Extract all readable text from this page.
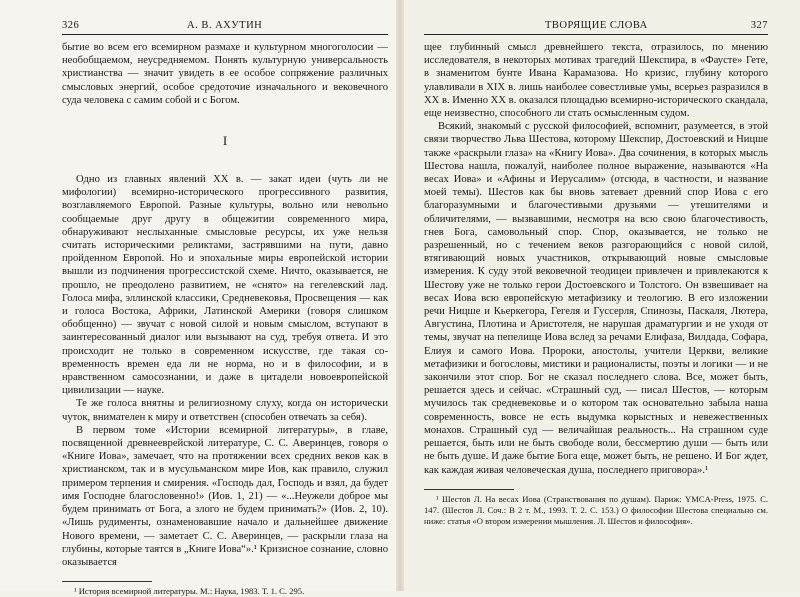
326	А. В. АХУТИН

бытие во всем его всемирном размахе и культурном многоголосии — необобщаемом, неусредняемом. Понять культурную универсальность христианства — значит увидеть в ее особое сопряжение различных смысловых энергий, особое средоточие изначального и вековечного суда человека с самим собой и с Богом.

I

Одно из главных явлений XX в. — закат идеи (чуть ли не мифологии) всемирно-исторического прогрессивного развития, возглавляемого Европой. Разные культуры, вольно или невольно сообщаемые друг другу в общежитии современного мира, обнаруживают неслыханные смысловые ресурсы, их уже нельзя считать историческими реликтами, застрявшими на пути, давно пройденном Европой. Но и эпохальные миры европейской истории вышли из подчинения прогрессистской схеме. Ничто, оказывается, не прошло, не преодолено развитием, не «снято» на гегелевский лад. Голоса мифа, эллинской классики, Средневековья, Просвещения — как и голоса Востока, Африки, Латинской Америки (говоря слишком обобщенно) — звучат с новой силой и новым смыслом, вступают в заинтересованный диалог или вызывают на суд, требуя ответа. И это происходит не только в современном искусстве, где такая со-временность времен еда ли не норма, но и в философии, и в нравственном самосознании, и даже в цитадели новоевропейской цивилизации — науке.

Те же голоса внятны и религиозному слуху, когда он исторически чуток, внимателен к миру и ответствен (способен отвечать за себя).

В первом томе «Истории всемирной литературы», в главе, посвященной древнееврейской литературе, С. С. Аверинцев, говоря о «Книге Иова», замечает, что на протяжении всех средних веков как в христианском, так и в мусульманском мире Иов, как правило, служил примером терпения и смирения. «Господь дал, Господь и взял, да будет имя Господне благословенно!» (Иов. 1, 21) — «...Неужели доброе мы будем принимать от Бога, а злого не будем принимать?» (Иов. 2, 10). «Лишь рудименты, ознаменовавшие начало и дальнейшее движение Нового времени, — заметает С. С. Аверинцев, — раскрыли глаза на глубины, которые таятся в „Книге Иова“».¹ Кризисное сознание, словно оказывается

¹ История всемирной литературы. М.: Наука, 1983. Т. 1. С. 295.

ТВОРЯЩИЕ СЛОВА	327

щее глубинный смысл древнейшего текста, отразилось, по мнению исследователя, в некоторых мотивах трагедий Шекспира, в «Фаусте» Гете, в знаменитом бунте Ивана Карамазова. Но кризис, глубину которого улавливали в XIX в. лишь наиболее совестливые умы, всерьез разразился в XX в. Именно XX в. оказался площадью всемирно-исторического скандала, еще неизвестно, способного ли стать осмысленным судом.

Всякий, знакомый с русской философией, вспомнит, разумеется, в этой связи творчество Льва Шестова, которому Шекспир, Достоевский и Ницше также «раскрыли глаза» на «Книгу Иова». Два сочинения, в которых мысль Шестова нашла, пожалуй, наиболее полное выражение, называются «На весах Иова» и «Афины и Иерусалим» (отсюда, в частности, и название моей темы). Шестов как бы вновь затевает древний спор Иова с его благоразумными и благочестивыми друзьями — утешителями и обличителями, — вызвавшими, несмотря на всю свою благочестивость, гнев Бога, самовольный спор. Спор, оказывается, не только не разрешенный, но с течением веков разгорающийся с новой силой, втягивающий новых участников, открывающий новые смысловые измерения. К суду этой вековечной теодицеи привлечен и привлекаются к Шестову уже не только герои Достоевского и Толстого. Он взвешивает на весах Иова всю европейскую метафизику и теологию. В его изложении речи Ницше и Кьеркегора, Гегеля и Гуссерля, Спинозы, Паскаля, Лютера, Августина, Плотина и Аристотеля, не нарушая драматургии и не уходя от темы, звучат на пепелище Иова вслед за речами Елифаза, Вилдада, Софара, Елиуя и самого Иова. Пророки, апостолы, учители Церкви, великие метафизики и богословы, мистики и рационалисты, поэты и логики — и не закончили этот спор. Бог не сказал последнего слова. Все, может быть, решается здесь и сейчас. «Страшный суд, — писал Шестов, — которым мучилось так средневековье и о котором так основательно забыла наша современность, вовсе не есть выдумка корыстных и невежественных монахов. Страшный суд — величайшая реальность... На страшном суде решается, быть или не быть свободе воли, бессмертию души — быть или не быть душе. И даже бытие Бога еще, может быть, не решено. И Бог ждет, как каждая живая человеческая душа, последнего приговора».¹

¹ Шестов Л. На весах Иова (Странствования по душам). Париж: YMCA-Press, 1975. С. 147. (Шестов Л. Соч.: В 2 т. М., 1993. Т. 2. С. 153.) О философии Шестова специально см. ниже: статья «О втором измерении мышления. Л. Шестов и философия».
